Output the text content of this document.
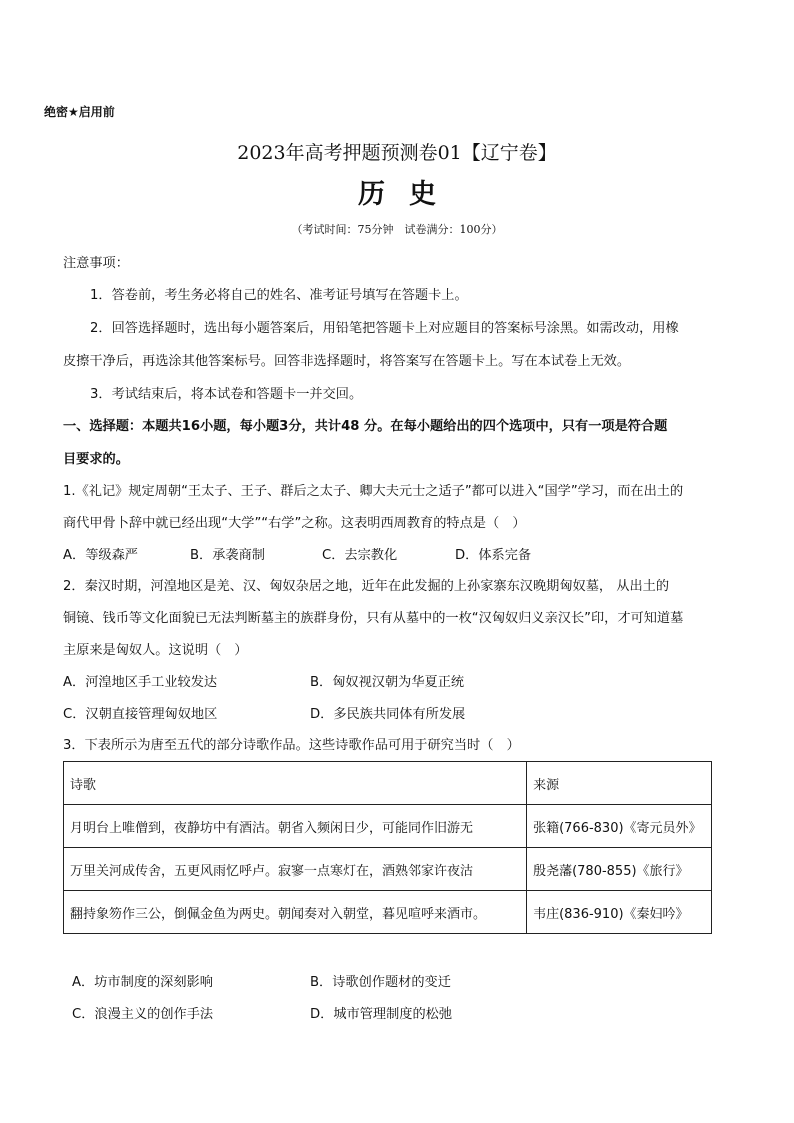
绝密★启用前
2023年高考押题预测卷01【辽宁卷】
历史
（考试时间：75分钟　试卷满分：100分）
注意事项：
1．答卷前，考生务必将自己的姓名、准考证号填写在答题卡上。
2．回答选择题时，选出每小题答案后，用铅笔把答题卡上对应题目的答案标号涂黑。如需改动，用橡
皮擦干净后，再选涂其他答案标号。回答非选择题时，将答案写在答题卡上。写在本试卷上无效。
3．考试结束后，将本试卷和答题卡一并交回。
一、选择题：本题共16小题，每小题3分，共计48 分。在每小题给出的四个选项中，只有一项是符合题
目要求的。
1.《礼记》规定周朝“王太子、王子、群后之太子、卿大夫元士之适子”都可以进入“国学”学习，而在出土的
商代甲骨卜辞中就已经出现“大学”“右学”之称。这表明西周教育的特点是（　）
A．等级森严	B．承袭商制	C．去宗教化	D．体系完备
2．秦汉时期，河湟地区是羌、汉、匈奴杂居之地，近年在此发掘的上孙家寨东汉晚期匈奴墓， 从出土的
铜镜、钱币等文化面貌已无法判断墓主的族群身份，只有从墓中的一枚“汉匈奴归义亲汉长”印，才可知道墓
主原来是匈奴人。这说明（　）
A．河湟地区手工业较发达	B．匈奴视汉朝为华夏正统
C．汉朝直接管理匈奴地区	D．多民族共同体有所发展
3．下表所示为唐至五代的部分诗歌作品。这些诗歌作品可用于研究当时（　）
诗歌	来源
月明台上唯僧到，夜静坊中有酒沽。朝省入频闲日少，可能同作旧游无	张籍(766-830)《寄元员外》
万里关河成传舍，五更风雨忆呼卢。寂寥一点寒灯在，酒熟邻家许夜沽	殷尧藩(780-855)《旅行》
翻持象笏作三公，倒佩金鱼为两史。朝闻奏对入朝堂，暮见喧呼来酒市。	韦庄(836-910)《秦妇吟》
A．坊市制度的深刻影响	B．诗歌创作题材的变迁
C．浪漫主义的创作手法	D．城市管理制度的松弛
